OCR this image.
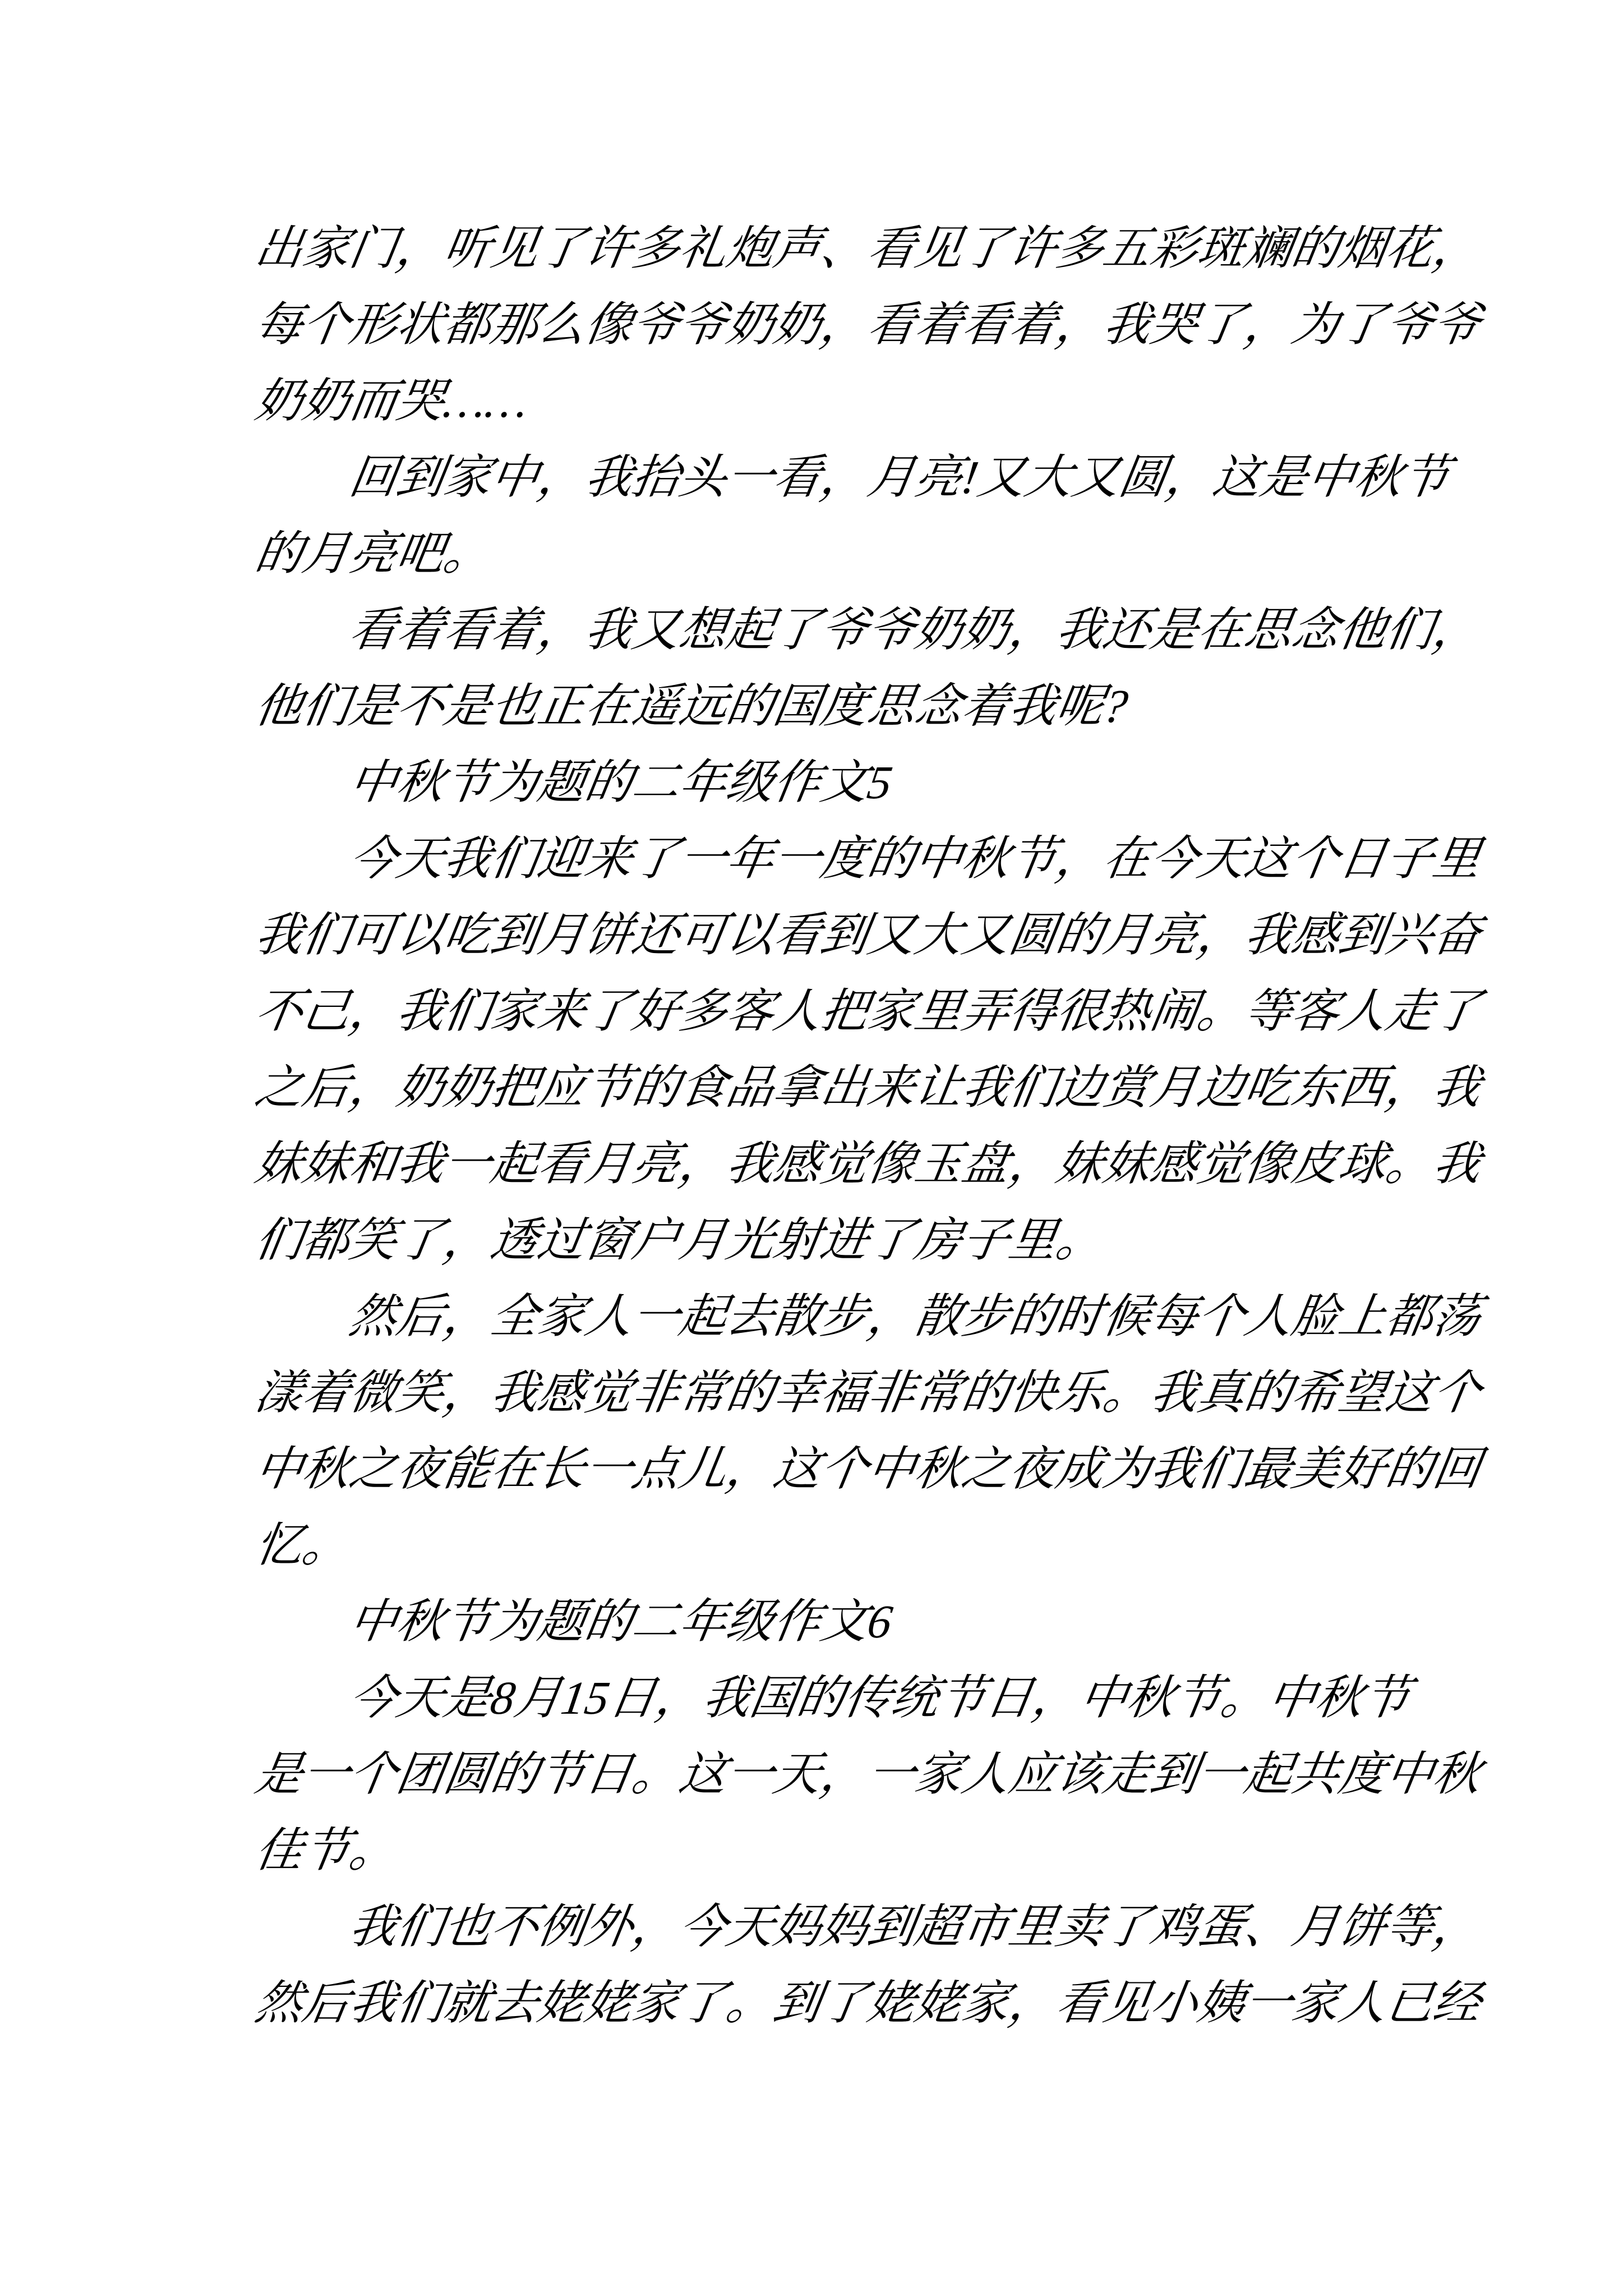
出家门，听见了许多礼炮声、看见了许多五彩斑斓的烟花，
每个形状都那么像爷爷奶奶，看着看着，我哭了，为了爷爷
奶奶而哭……
回到家中，我抬头一看，月亮!又大又圆，这是中秋节
的月亮吧。
看着看着，我又想起了爷爷奶奶，我还是在思念他们，
他们是不是也正在遥远的国度思念着我呢?
中秋节为题的二年级作文5
今天我们迎来了一年一度的中秋节，在今天这个日子里
我们可以吃到月饼还可以看到又大又圆的月亮，我感到兴奋
不己，我们家来了好多客人把家里弄得很热闹。等客人走了
之后，奶奶把应节的食品拿出来让我们边赏月边吃东西，我
妹妹和我一起看月亮，我感觉像玉盘，妹妹感觉像皮球。我
们都笑了，透过窗户月光射进了房子里。
然后，全家人一起去散步，散步的时候每个人脸上都荡
漾着微笑，我感觉非常的幸福非常的快乐。我真的希望这个
中秋之夜能在长一点儿，这个中秋之夜成为我们最美好的回
忆。
中秋节为题的二年级作文6
今天是8月15日，我国的传统节日，中秋节。中秋节
是一个团圆的节日。这一天，一家人应该走到一起共度中秋
佳节。
我们也不例外，今天妈妈到超市里卖了鸡蛋、月饼等，
然后我们就去姥姥家了。到了姥姥家，看见小姨一家人已经
